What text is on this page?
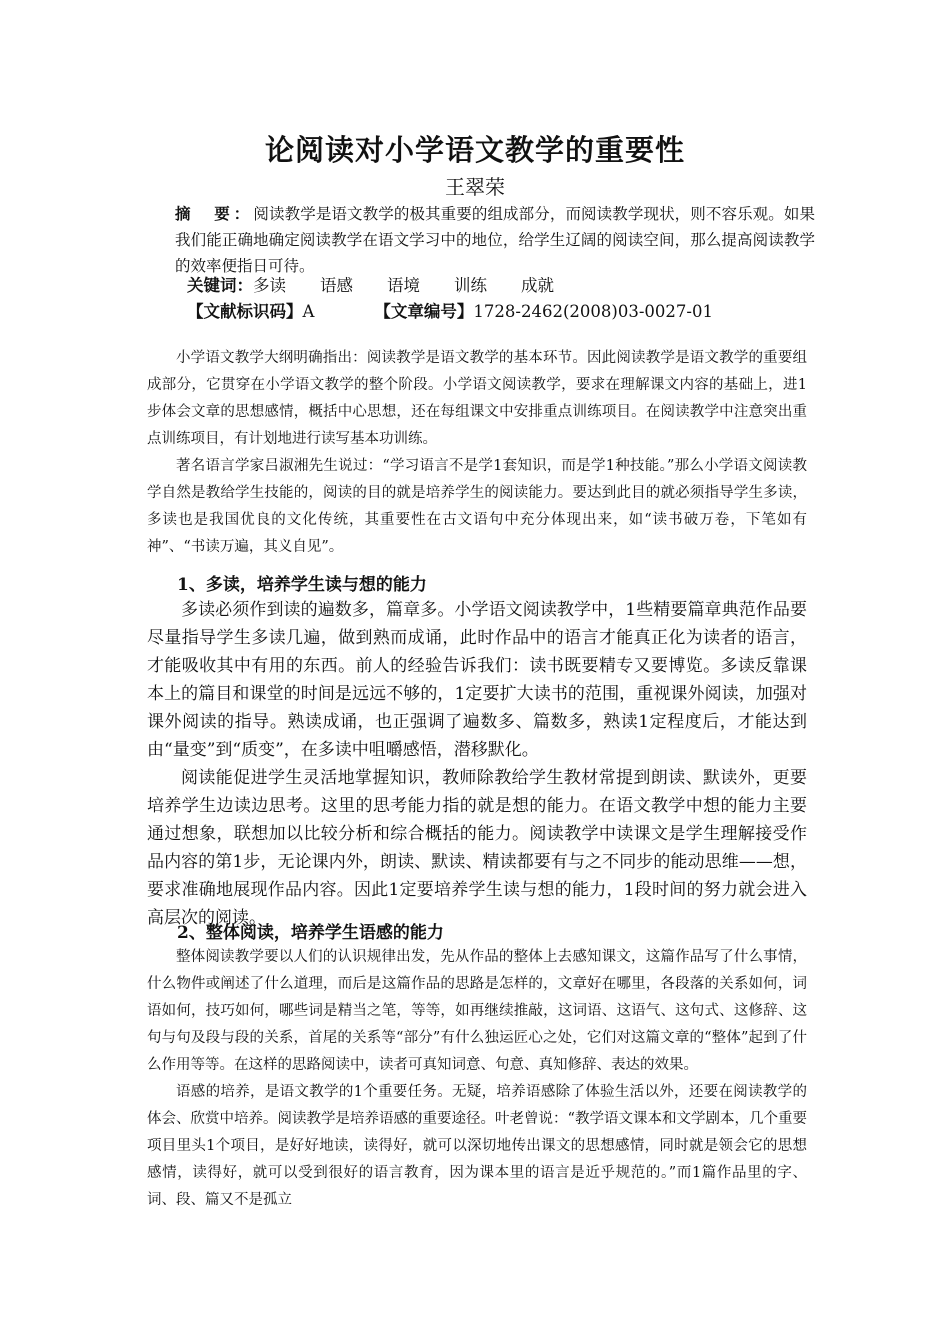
论阅读对小学语文教学的重要性
王翠荣
摘　要：阅读教学是语文教学的极其重要的组成部分，而阅读教学现状，则不容乐观。如果我们能正确地确定阅读教学在语文学习中的地位，给学生辽阔的阅读空间，那么提高阅读教学的效率便指日可待。
关键词：多读 语感 语境 训练 成就
【文献标识码】A	【文章编号】1728-2462(2008)03-0027-01

小学语文教学大纲明确指出：阅读教学是语文教学的基本环节。因此阅读教学是语文教学的重要组成部分，它贯穿在小学语文教学的整个阶段。小学语文阅读教学，要求在理解课文内容的基础上，进1步体会文章的思想感情，概括中心思想，还在每组课文中安排重点训练项目。在阅读教学中注意突出重点训练项目，有计划地进行读写基本功训练。

著名语言学家吕淑湘先生说过：“学习语言不是学1套知识，而是学1种技能。”那么小学语文阅读教学自然是教给学生技能的，阅读的目的就是培养学生的阅读能力。要达到此目的就必须指导学生多读，多读也是我国优良的文化传统，其重要性在古文语句中充分体现出来，如“读书破万卷，下笔如有神”、“书读万遍，其义自见”。

1、多读，培养学生读与想的能力

多读必须作到读的遍数多，篇章多。小学语文阅读教学中，1些精要篇章典范作品要尽量指导学生多读几遍，做到熟而成诵，此时作品中的语言才能真正化为读者的语言，才能吸收其中有用的东西。前人的经验告诉我们：读书既要精专又要博览。多读反靠课本上的篇目和课堂的时间是远远不够的，1定要扩大读书的范围，重视课外阅读，加强对课外阅读的指导。熟读成诵，也正强调了遍数多、篇数多，熟读1定程度后，才能达到由“量变”到“质变”，在多读中咀嚼感悟，潜移默化。

阅读能促进学生灵活地掌握知识，教师除教给学生教材常提到朗读、默读外，更要培养学生边读边思考。这里的思考能力指的就是想的能力。在语文教学中想的能力主要通过想象，联想加以比较分析和综合概括的能力。阅读教学中读课文是学生理解接受作品内容的第1步，无论课内外，朗读、默读、精读都要有与之不同步的能动思维——想，要求准确地展现作品内容。因此1定要培养学生读与想的能力，1段时间的努力就会进入高层次的阅读。

2、整体阅读，培养学生语感的能力

整体阅读教学要以人们的认识规律出发，先从作品的整体上去感知课文，这篇作品写了什么事情，什么物件或阐述了什么道理，而后是这篇作品的思路是怎样的，文章好在哪里，各段落的关系如何，词语如何，技巧如何，哪些词是精当之笔，等等，如再继续推敲，这词语、这语气、这句式、这修辞、这句与句及段与段的关系，首尾的关系等“部分”有什么独运匠心之处，它们对这篇文章的“整体”起到了什么作用等等。在这样的思路阅读中，读者可真知词意、句意、真知修辞、表达的效果。

语感的培养，是语文教学的1个重要任务。无疑，培养语感除了体验生活以外，还要在阅读教学的体会、欣赏中培养。阅读教学是培养语感的重要途径。叶老曾说：“教学语文课本和文学剧本，几个重要项目里头1个项目，是好好地读，读得好，就可以深切地传出课文的思想感情，同时就是领会它的思想感情，读得好，就可以受到很好的语言教育，因为课本里的语言是近乎规范的。”而1篇作品里的字、词、段、篇又不是孤立
